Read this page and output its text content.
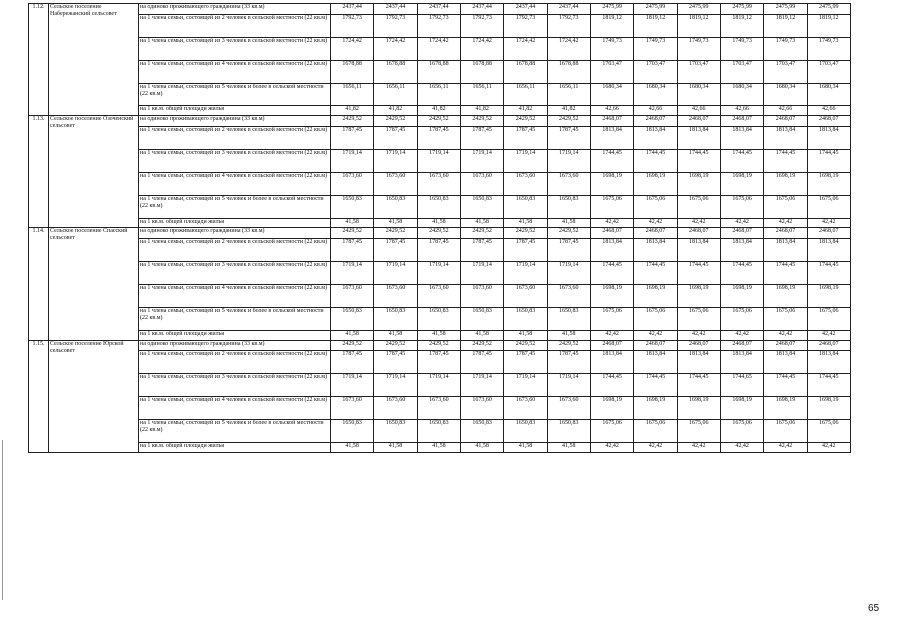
1.12.	Сельское поселение Набережанский сельсовет	на одиноко проживающего гражданина (33 кв.м)	2437,44	2437,44	2437,44	2437,44	2437,44	2437,44	2475,99	2475,99	2475,99	2475,99	2475,99	2475,99
		на 1 члена семьи, состоящей из 2 человек в сельской местности (22 кв.м)	1792,73	1792,73	1792,73	1792,73	1792,73	1792,73	1819,12	1819,12	1819,12	1819,12	1819,12	1819,12
		на 1 члена семьи, состоящей из 3 человек в сельской местности (22 кв.м)	1724,42	1724,42	1724,42	1724,42	1724,42	1724,42	1749,73	1749,73	1749,73	1749,73	1749,73	1749,73
		на 1 члена семьи, состоящей из 4 человек в сельской местности (22 кв.м)	1678,88	1678,88	1678,88	1678,88	1678,88	1678,88	1703,47	1703,47	1703,47	1703,47	1703,47	1703,47
		на 1 члена семьи, состоящей из 5 человек и более в сельской местности (22 кв.м)	1656,11	1656,11	1656,11	1656,11	1656,11	1656,11	1680,34	1680,34	1680,34	1680,34	1680,34	1680,34
		на 1 кв.м. общей площади жилья	41,82	41,82	41,82	41,82	41,82	41,82	42,66	42,66	42,66	42,66	42,66	42,66
1.13.	Сельское поселение Озоченский сельсовет	на одиноко проживающего гражданина (33 кв.м)	2429,52	2429,52	2429,52	2429,52	2429,52	2429,52	2468,07	2468,07	2468,07	2468,07	2468,07	2468,07
		на 1 члена семьи, состоящей из 2 человек в сельской местности (22 кв.м)	1787,45	1787,45	1787,45	1787,45	1787,45	1787,45	1813,84	1813,84	1813,84	1813,84	1813,84	1813,84
		на 1 члена семьи, состоящей из 3 человек в сельской местности (22 кв.м)	1719,14	1719,14	1719,14	1719,14	1719,14	1719,14	1744,45	1744,45	1744,45	1744,45	1744,45	1744,45
		на 1 члена семьи, состоящей из 4 человек в сельской местности (22 кв.м)	1673,60	1673,60	1673,60	1673,60	1673,60	1673,60	1698,19	1698,19	1698,19	1698,19	1698,19	1698,19
		на 1 члена семьи, состоящей из 5 человек и более в сельской местности (22 кв.м)	1650,83	1650,83	1650,83	1650,83	1650,83	1650,83	1675,06	1675,06	1675,06	1675,06	1675,06	1675,06
		на 1 кв.м. общей площади жилья	41,58	41,58	41,58	41,58	41,58	41,58	42,42	42,42	42,42	42,42	42,42	42,42
1.14.	Сельское поселение Спасский сельсовет	на одиноко проживающего гражданина (33 кв.м)	2429,52	2429,52	2429,52	2429,52	2429,52	2429,52	2468,07	2468,07	2468,07	2468,07	2468,07	2468,07
		на 1 члена семьи, состоящей из 2 человек в сельской местности (22 кв.м)	1787,45	1787,45	1787,45	1787,45	1787,45	1787,45	1813,84	1813,84	1813,84	1813,84	1813,84	1813,84
		на 1 члена семьи, состоящей из 3 человек в сельской местности (22 кв.м)	1719,14	1719,14	1719,14	1719,14	1719,14	1719,14	1744,45	1744,45	1744,45	1744,45	1744,45	1744,45
		на 1 члена семьи, состоящей из 4 человек в сельской местности (22 кв.м)	1673,60	1673,60	1673,60	1673,60	1673,60	1673,60	1698,19	1698,19	1698,19	1698,19	1698,19	1698,19
		на 1 члена семьи, состоящей из 5 человек и более в сельской местности (22 кв.м)	1650,83	1650,83	1650,83	1650,83	1650,83	1650,83	1675,06	1675,06	1675,06	1675,06	1675,06	1675,06
		на 1 кв.м. общей площади жилья	41,58	41,58	41,58	41,58	41,58	41,58	42,42	42,42	42,42	42,42	42,42	42,42
1.15.	Сельское поселение Юрской сельсовет	на одиноко проживающего гражданина (33 кв.м)	2429,52	2429,52	2429,52	2429,52	2429,52	2429,52	2468,07	2468,07	2468,07	2468,07	2468,07	2468,07
		на 1 члена семьи, состоящей из 2 человек в сельской местности (22 кв.м)	1787,45	1787,45	1787,45	1787,45	1787,45	1787,45	1813,84	1813,84	1813,84	1813,84	1813,84	1813,84
		на 1 члена семьи, состоящей из 3 человек в сельской местности (22 кв.м)	1719,14	1719,14	1719,14	1719,14	1719,14	1719,14	1744,45	1744,45	1744,45	1744,65	1744,45	1744,45
		на 1 члена семьи, состоящей из 4 человек в сельской местности (22 кв.м)	1673,60	1673,60	1673,60	1673,60	1673,60	1673,60	1698,19	1698,19	1698,19	1698,19	1698,19	1698,19
		на 1 члена семьи, состоящей из 5 человек и более в сельской местности (22 кв.м)	1650,83	1650,83	1650,83	1650,83	1650,83	1650,83	1675,06	1675,06	1675,06	1675,06	1675,06	1675,06
		на 1 кв.м. общей площади жилья	41,58	41,58	41,58	41,58	41,58	41,58	42,42	42,42	42,42	42,42	42,42	42,42
65
